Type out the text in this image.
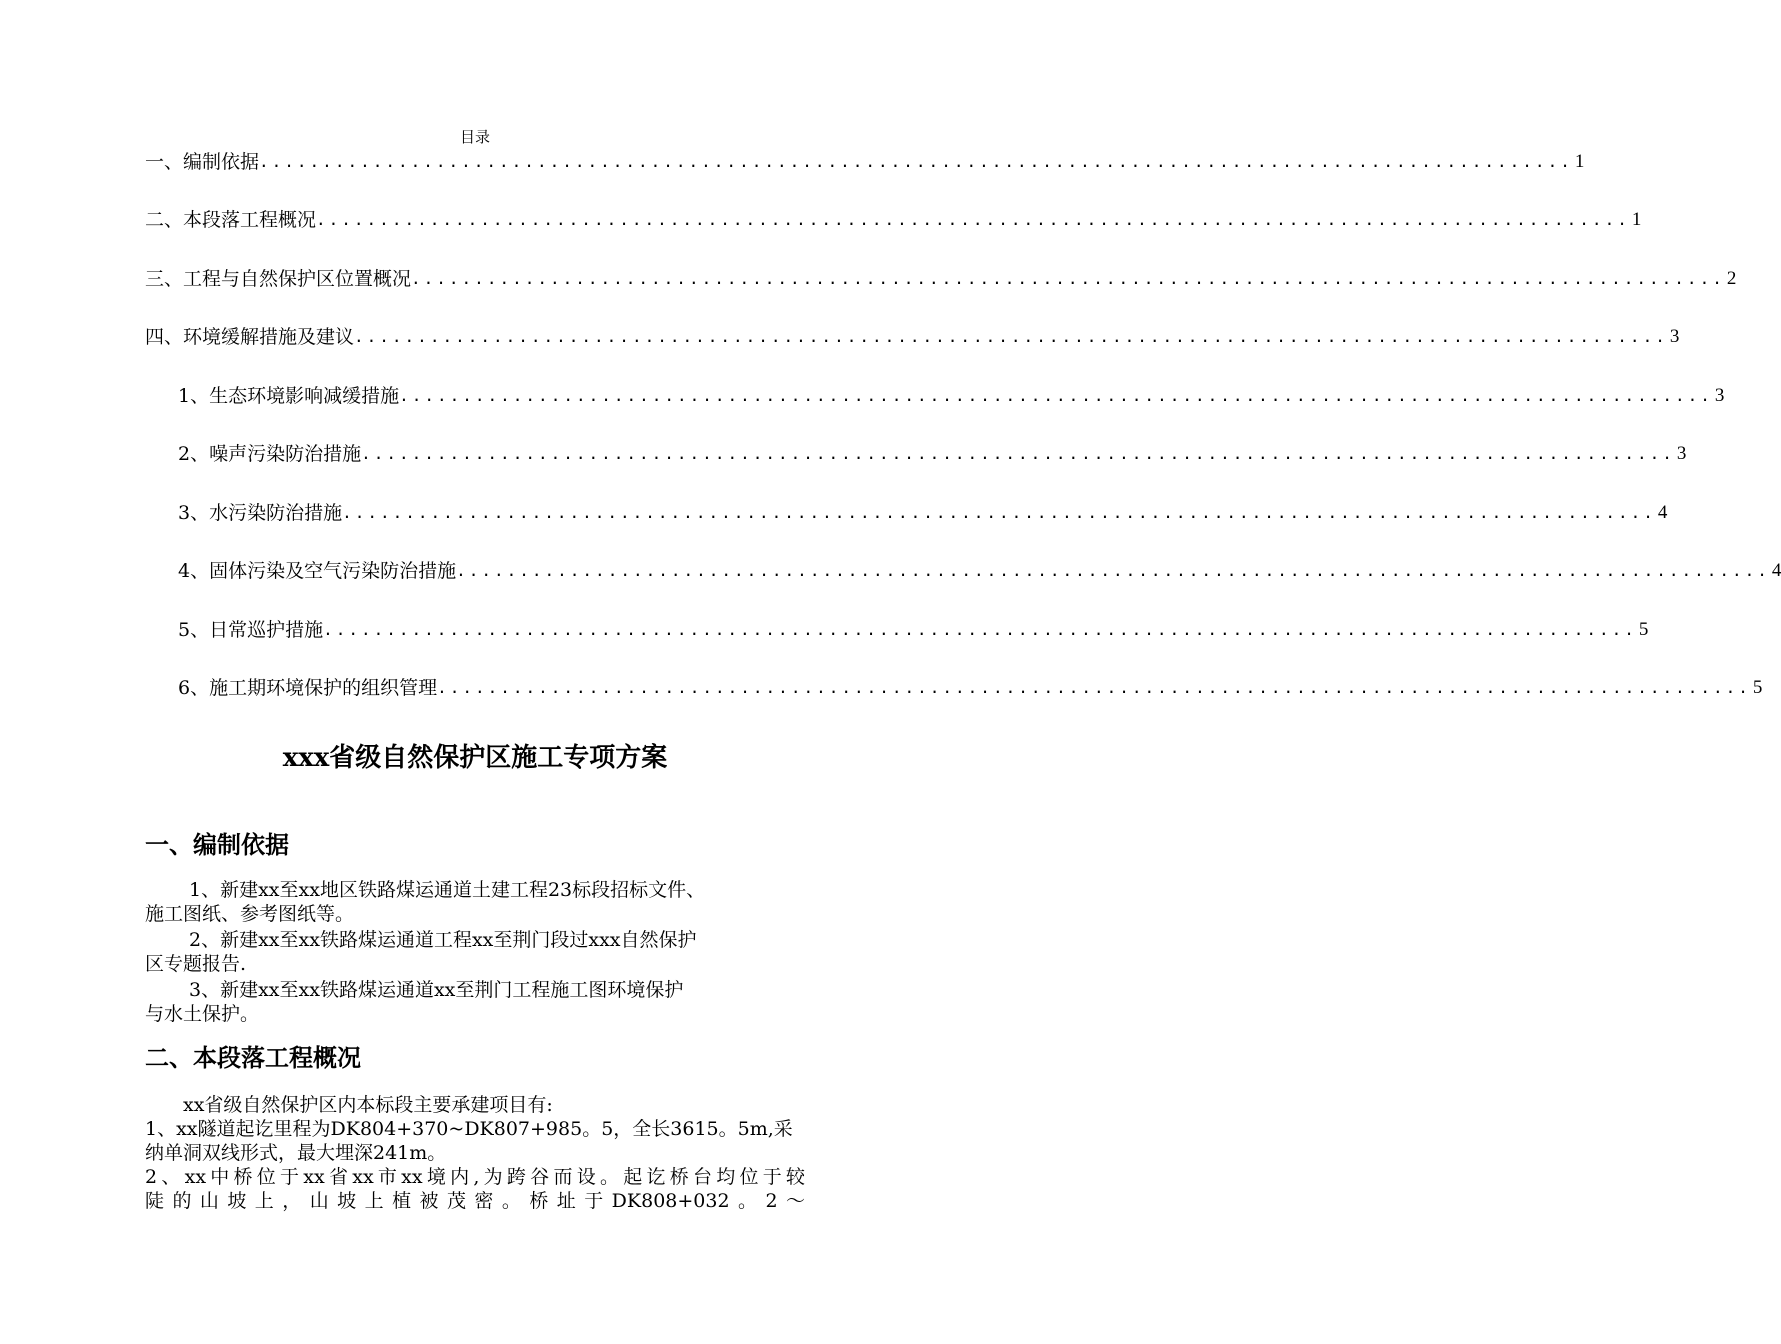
目录
一、编制依据 ........................................................................................................ 1
二、本段落工程概况 ........................................................................................................ 1
三、工程与自然保护区位置概况 ........................................................................................................ 2
四、环境缓解措施及建议 ........................................................................................................ 3
1、生态环境影响减缓措施 ........................................................................................................ 3
2、噪声污染防治措施 ........................................................................................................ 3
3、水污染防治措施 ........................................................................................................ 4
4、固体污染及空气污染防治措施 ........................................................................................................ 4
5、日常巡护措施 ........................................................................................................ 5
6、施工期环境保护的组织管理 ........................................................................................................ 5
xxx省级自然保护区施工专项方案
一、编制依据
1、新建xx至xx地区铁路煤运通道土建工程23标段招标文件、
施工图纸、参考图纸等。
2、新建xx至xx铁路煤运通道工程xx至荆门段过xxx自然保护
区专题报告.
3、新建xx至xx铁路煤运通道xx至荆门工程施工图环境保护
与水土保护。
二、本段落工程概况
xx省级自然保护区内本标段主要承建项目有:
1、xx隧道起讫里程为DK804+370~DK807+985。5，全长3615。5m,采
纳单洞双线形式，最大埋深241m。
2、xx中桥位于xx省xx市xx境内,为跨谷而设。起讫桥台均位于较
陡的山坡上，山坡上植被茂密。桥址于DK808+032。2～
